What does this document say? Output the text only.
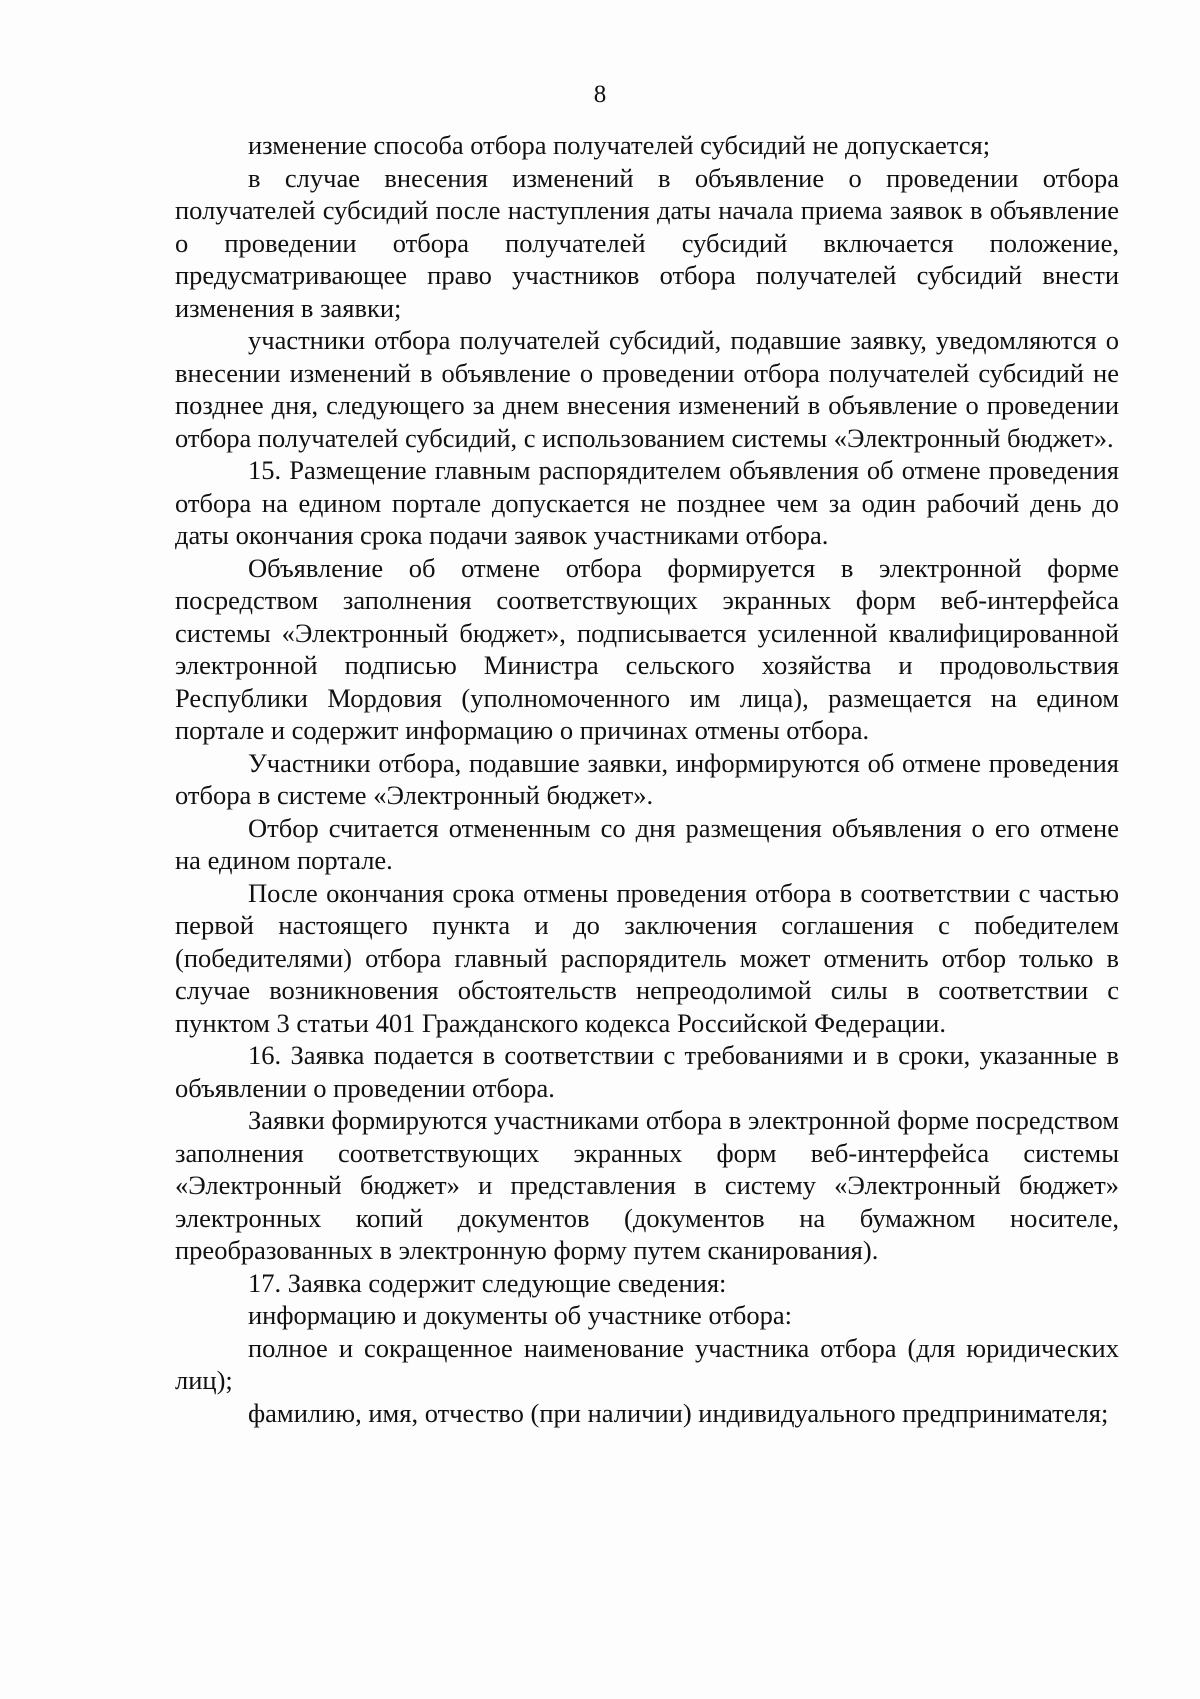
8

изменение способа отбора получателей субсидий не допускается;

в случае внесения изменений в объявление о проведении отбора получателей субсидий после наступления даты начала приема заявок в объявление о проведении отбора получателей субсидий включается положение, предусматривающее право участников отбора получателей субсидий внести изменения в заявки;

участники отбора получателей субсидий, подавшие заявку, уведомляются о внесении изменений в объявление о проведении отбора получателей субсидий не позднее дня, следующего за днем внесения изменений в объявление о проведении отбора получателей субсидий, с использованием системы «Электронный бюджет».

15. Размещение главным распорядителем объявления об отмене проведения отбора на едином портале допускается не позднее чем за один рабочий день до даты окончания срока подачи заявок участниками отбора.

Объявление об отмене отбора формируется в электронной форме посредством заполнения соответствующих экранных форм веб-интерфейса системы «Электронный бюджет», подписывается усиленной квалифицированной электронной подписью Министра сельского хозяйства и продовольствия Республики Мордовия (уполномоченного им лица), размещается на едином портале и содержит информацию о причинах отмены отбора.

Участники отбора, подавшие заявки, информируются об отмене проведения отбора в системе «Электронный бюджет».

Отбор считается отмененным со дня размещения объявления о его отмене на едином портале.

После окончания срока отмены проведения отбора в соответствии с частью первой настоящего пункта и до заключения соглашения с победителем (победителями) отбора главный распорядитель может отменить отбор только в случае возникновения обстоятельств непреодолимой силы в соответствии с пунктом 3 статьи 401 Гражданского кодекса Российской Федерации.

16. Заявка подается в соответствии с требованиями и в сроки, указанные в объявлении о проведении отбора.

Заявки формируются участниками отбора в электронной форме посредством заполнения соответствующих экранных форм веб-интерфейса системы «Электронный бюджет» и представления в систему «Электронный бюджет» электронных копий документов (документов на бумажном носителе, преобразованных в электронную форму путем сканирования).

17. Заявка содержит следующие сведения:

информацию и документы об участнике отбора:

полное и сокращенное наименование участника отбора (для юридических лиц);

фамилию, имя, отчество (при наличии) индивидуального предпринимателя;
